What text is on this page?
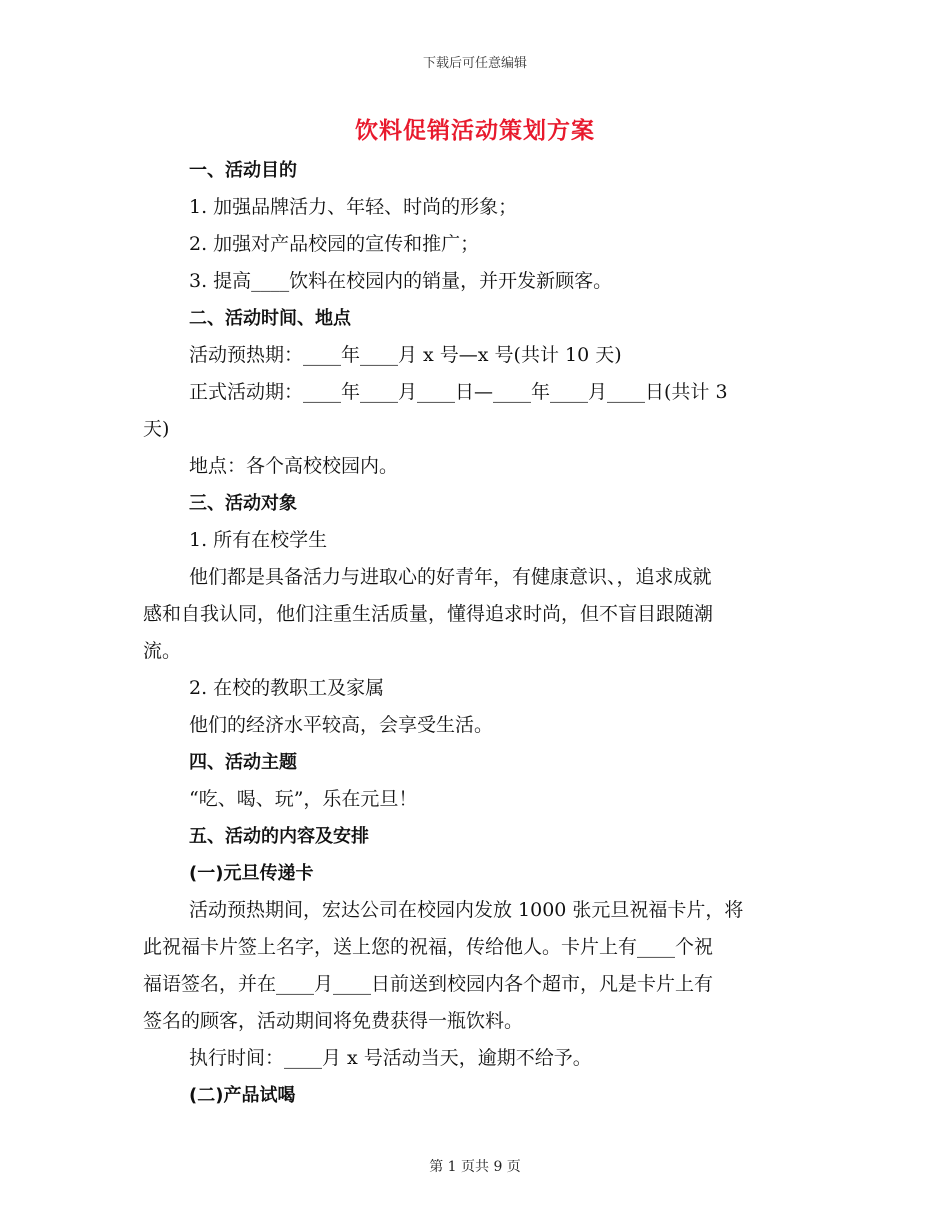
下载后可任意编辑
饮料促销活动策划方案
一、活动目的
1. 加强品牌活力、年轻、时尚的形象；
2. 加强对产品校园的宣传和推广；
3. 提高____饮料在校园内的销量，并开发新顾客。
二、活动时间、地点
活动预热期：____年____月 x 号—x 号(共计 10 天)
正式活动期：____年____月____日—____年____月____日(共计 3
天)
地点：各个高校校园内。
三、活动对象
1. 所有在校学生
他们都是具备活力与进取心的好青年，有健康意识、，追求成就
感和自我认同，他们注重生活质量，懂得追求时尚，但不盲目跟随潮
流。
2. 在校的教职工及家属
他们的经济水平较高，会享受生活。
四、活动主题
“吃、喝、玩”，乐在元旦！
五、活动的内容及安排
(一)元旦传递卡
活动预热期间，宏达公司在校园内发放 1000 张元旦祝福卡片，将
此祝福卡片签上名字，送上您的祝福，传给他人。卡片上有____个祝
福语签名，并在____月____日前送到校园内各个超市，凡是卡片上有
签名的顾客，活动期间将免费获得一瓶饮料。
执行时间：____月 x 号活动当天，逾期不给予。
(二)产品试喝
第 1 页共 9 页
